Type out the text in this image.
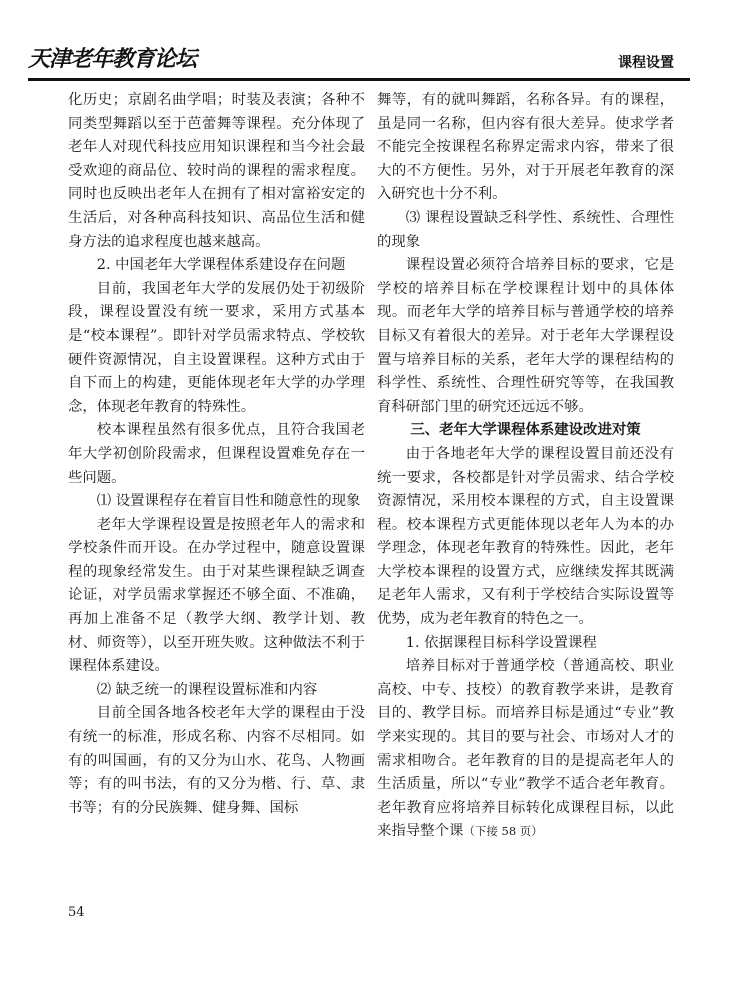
天津老年教育论坛	课程设置

化历史；京剧名曲学唱；时装及表演；各种不同类型舞蹈以至于芭蕾舞等课程。充分体现了老年人对现代科技应用知识课程和当今社会最受欢迎的商品位、较时尚的课程的需求程度。同时也反映出老年人在拥有了相对富裕安定的生活后，对各种高科技知识、高品位生活和健身方法的追求程度也越来越高。

2. 中国老年大学课程体系建设存在问题

目前，我国老年大学的发展仍处于初级阶段，课程设置没有统一要求，采用方式基本是“校本课程”。即针对学员需求特点、学校软硬件资源情况，自主设置课程。这种方式由于自下而上的构建，更能体现老年大学的办学理念，体现老年教育的特殊性。

校本课程虽然有很多优点，且符合我国老年大学初创阶段需求，但课程设置难免存在一些问题。

⑴ 设置课程存在着盲目性和随意性的现象

老年大学课程设置是按照老年人的需求和学校条件而开设。在办学过程中，随意设置课程的现象经常发生。由于对某些课程缺乏调查论证，对学员需求掌握还不够全面、不准确，再加上准备不足（教学大纲、教学计划、教材、师资等），以至开班失败。这种做法不利于课程体系建设。

⑵ 缺乏统一的课程设置标准和内容

目前全国各地各校老年大学的课程由于没有统一的标准，形成名称、内容不尽相同。如有的叫国画，有的又分为山水、花鸟、人物画等；有的叫书法，有的又分为楷、行、草、隶书等；有的分民族舞、健身舞、国标

舞等，有的就叫舞蹈，名称各异。有的课程，虽是同一名称，但内容有很大差异。使求学者不能完全按课程名称界定需求内容，带来了很大的不方便性。另外，对于开展老年教育的深入研究也十分不利。

⑶ 课程设置缺乏科学性、系统性、合理性的现象

课程设置必须符合培养目标的要求，它是学校的培养目标在学校课程计划中的具体体现。而老年大学的培养目标与普通学校的培养目标又有着很大的差异。对于老年大学课程设置与培养目标的关系，老年大学的课程结构的科学性、系统性、合理性研究等等，在我国教育科研部门里的研究还远远不够。

三、老年大学课程体系建设改进对策

由于各地老年大学的课程设置目前还没有统一要求，各校都是针对学员需求、结合学校资源情况，采用校本课程的方式，自主设置课程。校本课程方式更能体现以老年人为本的办学理念，体现老年教育的特殊性。因此，老年大学校本课程的设置方式，应继续发挥其既满足老年人需求，又有利于学校结合实际设置等优势，成为老年教育的特色之一。

1. 依据课程目标科学设置课程

培养目标对于普通学校（普通高校、职业高校、中专、技校）的教育教学来讲，是教育目的、教学目标。而培养目标是通过“专业”教学来实现的。其目的要与社会、市场对人才的需求相吻合。老年教育的目的是提高老年人的生活质量，所以“专业”教学不适合老年教育。老年教育应将培养目标转化成课程目标，以此来指导整个课（下接 58 页）

54
